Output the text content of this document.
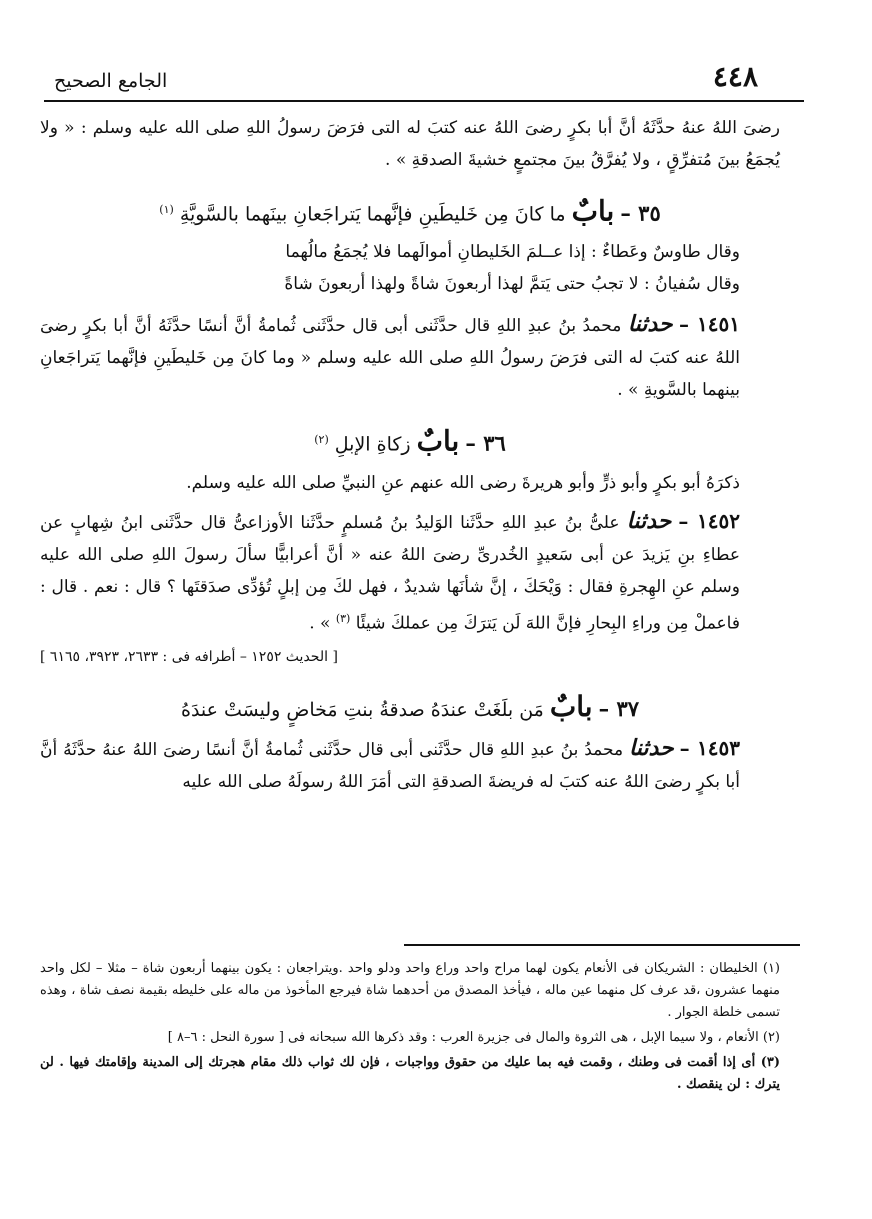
الجامع الصحيح	٤٤٨

رضىَ اللهُ عنهُ حدَّثَهُ أنَّ أبا بكرٍ رضىَ اللهُ عنه كتبَ له التى فرَضَ رسولُ اللهِ صلى الله عليه وسلم : « ولا يُجمَعُ بينَ مُتفرِّقٍ ، ولا يُفرَّقُ بينَ مجتمعٍ خشيةَ الصدقةِ » .

٣٥ – بابٌ ما كانَ مِن خَليطَينِ فإنَّهما يَتراجَعانِ بينَهما بالسَّويَّةِ $^{(١)}$

وقال طاوسٌ وعَطاءٌ : إذا عــلمَ الخَليطانِ أموالَهما فلا يُجمَعُ مالُهما

وقال سُفيانُ : لا تجبُ حتى يَتمَّ لهذا أربعونَ شاةً ولهذا أربعونَ شاةً

١٤٥١ – حدثنا محمدُ بنُ عبدِ اللهِ قال حدَّثَنى أبى قال حدَّثَنى ثُمامةُ أنَّ أنسًا حدَّثَهُ أنَّ أبا بكرٍ رضىَ اللهُ عنه كتبَ له التى فرَضَ رسولُ اللهِ صلى الله عليه وسلم « وما كانَ مِن خَليطَينِ فإنَّهما يَتراجَعانِ بينهما بالسَّويةِ » .

٣٦ – بابٌ زكاةِ الإبلِ $^{(٢)}$

ذكرَهُ أبو بكرٍ وأبو ذرٍّ وأبو هريرةَ رضى الله عنهم عنِ النبيِّ صلى الله عليه وسلم.

١٤٥٢ – حدثنا علىُّ بنُ عبدِ اللهِ حدَّثَنا الوَليدُ بنُ مُسلمٍ حدَّثَنا الأوزاعىُّ قال حدَّثَنى ابنُ شِهابٍ عن عطاءِ بنِ يَزيدَ عن أبى سَعيدٍ الخُدرىِّ رضىَ اللهُ عنه « أنَّ أعرابيًّا سألَ رسولَ اللهِ صلى الله عليه وسلم عنِ الهِجرةِ فقال : وَيْحَكَ ، إنَّ شأنَها شديدٌ ، فهل لكَ مِن إبلٍ تُؤدِّى صدَقتَها ؟ قال : نعم . قال : فاعملْ مِن وراءِ البِحارِ فإنَّ اللهَ لَن يَترَكَ مِن عملكَ شيئًا $^{(٣)}$ » .

[ الحديث ١٢٥٢ – أطرافه فى : ٢٦٣٣، ٣٩٢٣، ٦١٦٥ ]

٣٧ – بابٌ مَن بلَغَتْ عندَهُ صدقةُ بنتِ مَخاضٍ وليسَتْ عندَهُ

١٤٥٣ – حدثنا محمدُ بنُ عبدِ اللهِ قال حدَّثَنى أبى قال حدَّثَنى ثُمامةُ أنَّ أنسًا رضىَ اللهُ عنهُ حدَّثَهُ أنَّ أبا بكرٍ رضىَ اللهُ عنه كتبَ له فريضةَ الصدقةِ التى أمَرَ اللهُ رسولَهُ صلى الله عليه

(١) الخليطان : الشريكان فى الأنعام يكون لهما مراح واحد وراع واحد ودلو واحد .ويتراجعان : يكون بينهما أربعون شاة – مثلا – لكل واحد منهما عشرون ،قد عرف كل منهما عين ماله ، فيأخذ المصدق من أحدهما شاة فيرجع المأخوذ من ماله على خليطه بقيمة نصف شاة ، وهذه تسمى خلطة الجوار .

(٢) الأنعام ، ولا سيما الإبل ، هى الثروة والمال فى جزيرة العرب : وقد ذكرها الله سبحانه فى [ سورة النحل : ٦–٨ ]

(٣) أى إذا أقمت فى وطنك ، وقمت فيه بما عليك من حقوق وواجبات ، فإن لك ثواب ذلك مقام هجرتك إلى المدينة وإقامتك فيها . لن يترك : لن ينقصك .
